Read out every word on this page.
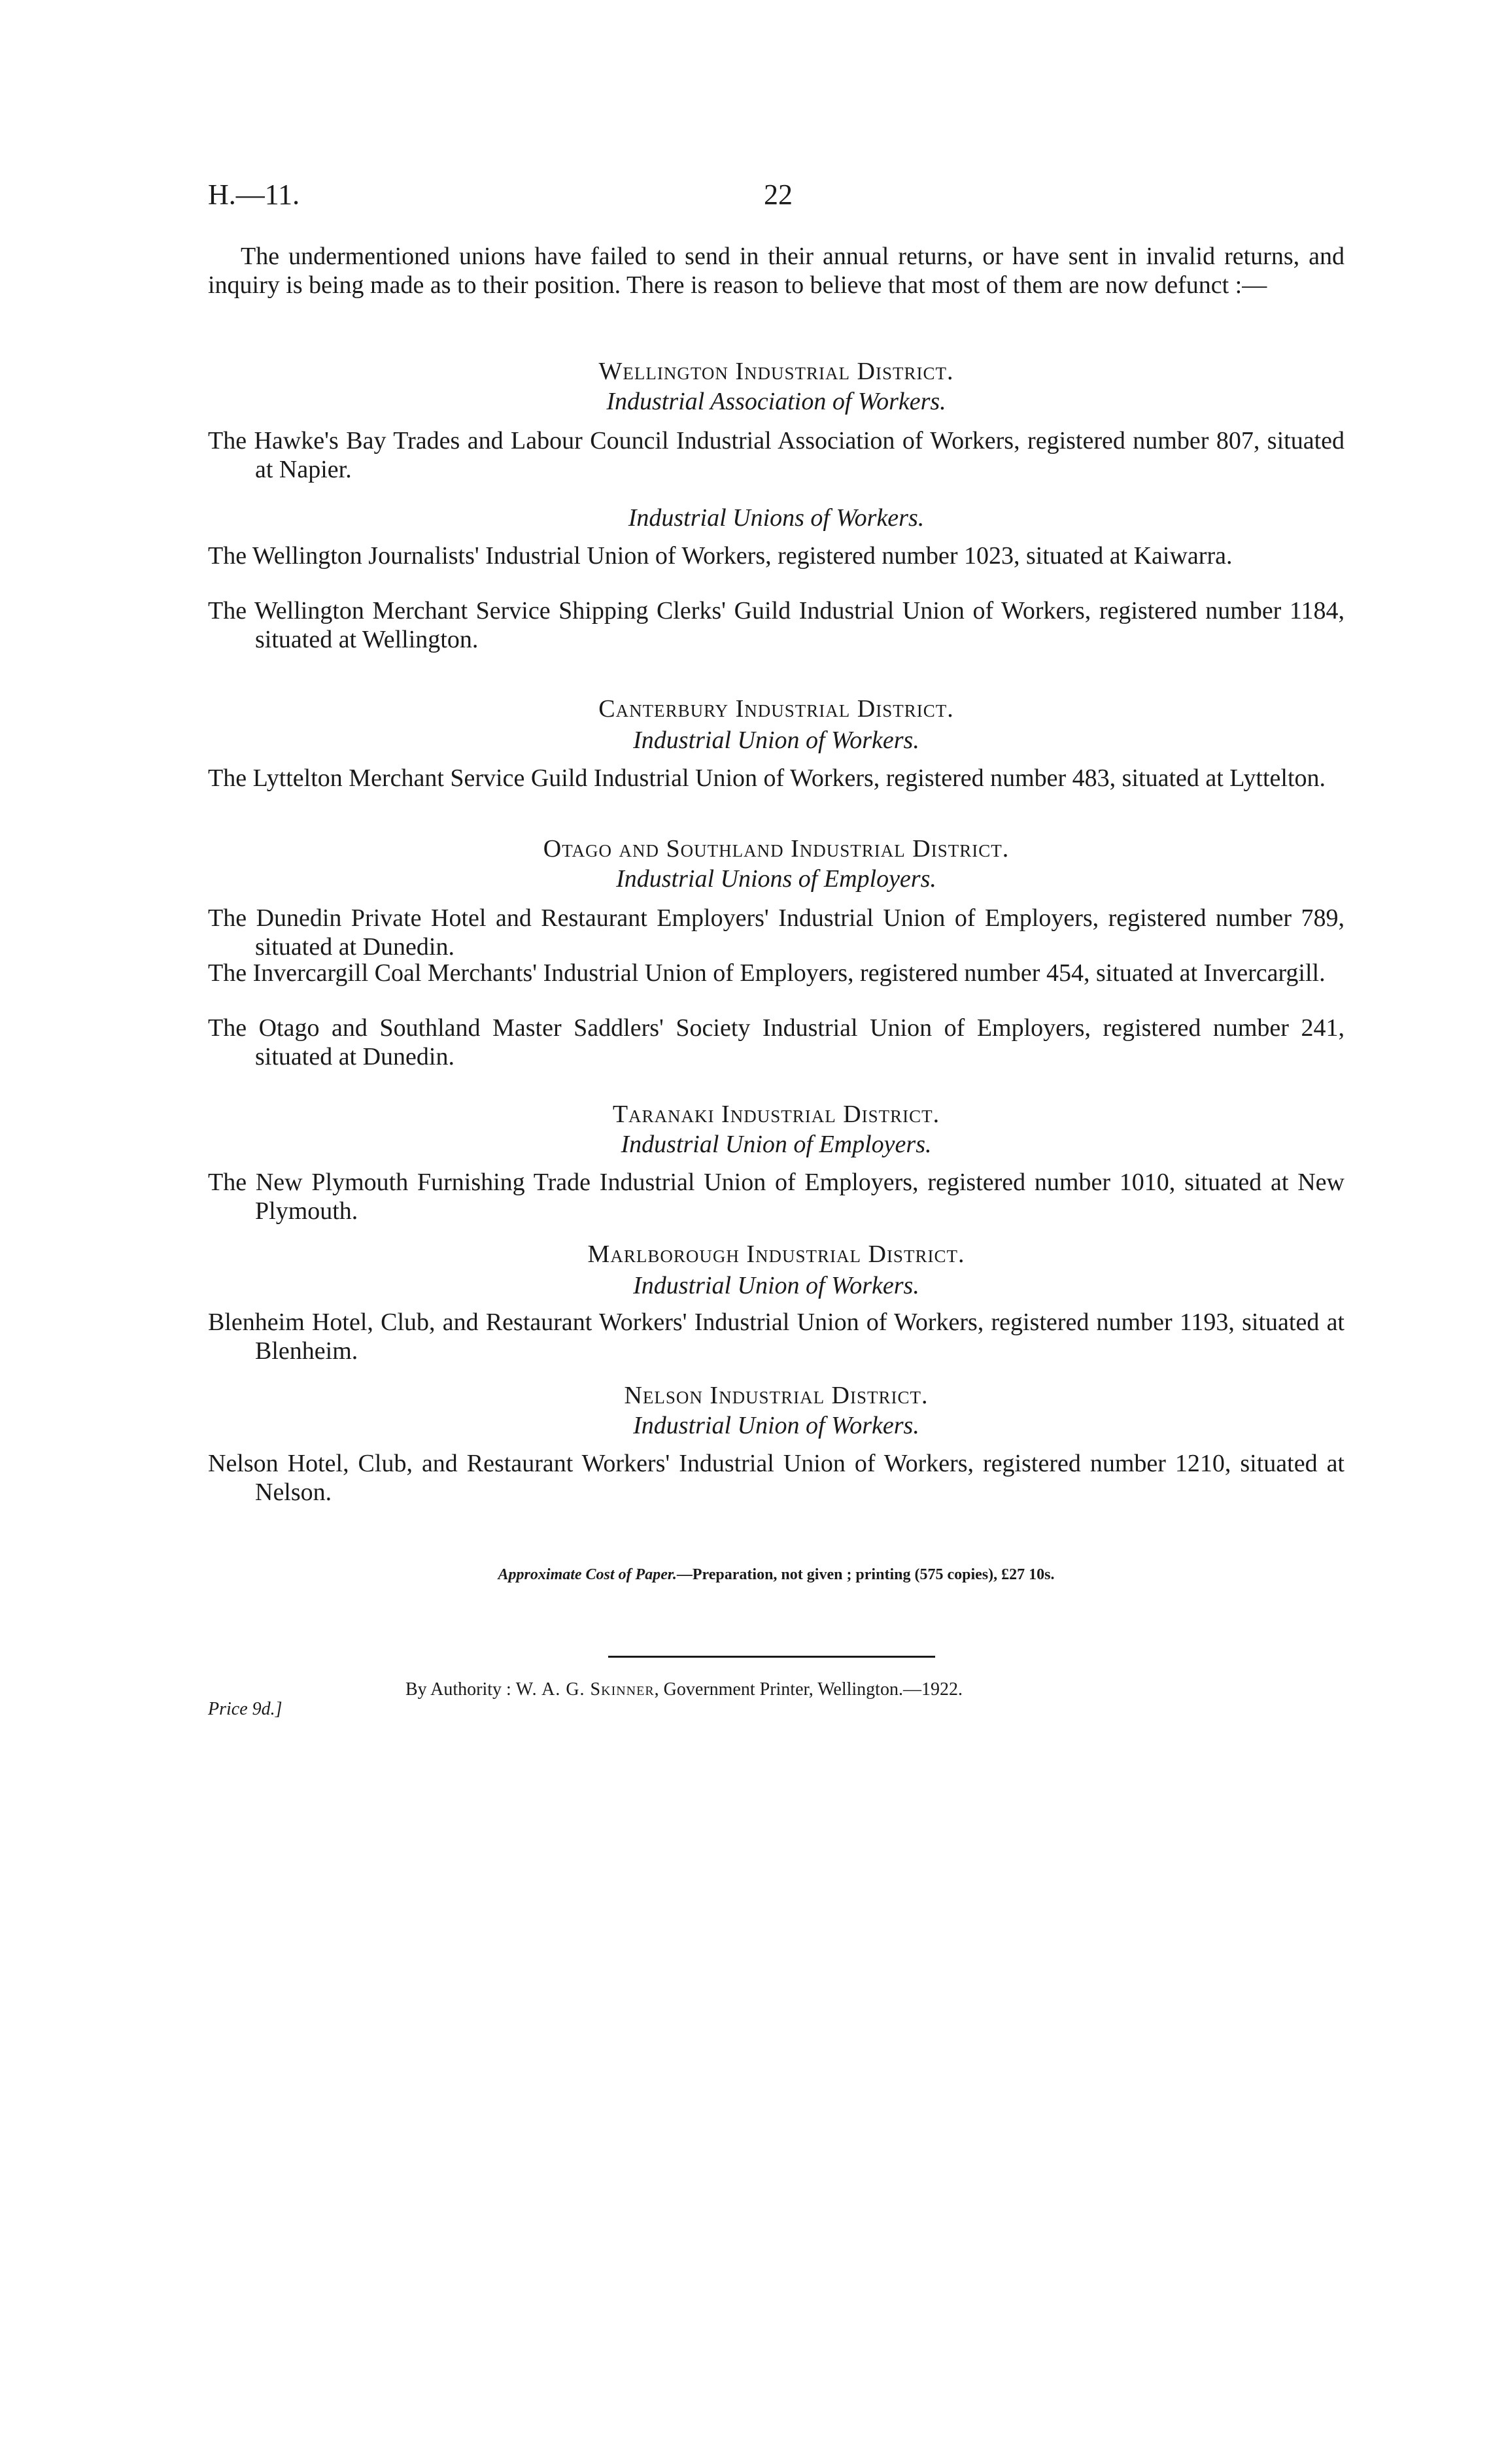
H.—11.	22
The undermentioned unions have failed to send in their annual returns, or have sent in invalid returns, and inquiry is being made as to their position. There is reason to believe that most of them are now defunct :—
Wellington Industrial District.
Industrial Association of Workers.
The Hawke's Bay Trades and Labour Council Industrial Association of Workers, registered number 807, situated at Napier.
Industrial Unions of Workers.
The Wellington Journalists' Industrial Union of Workers, registered number 1023, situated at Kaiwarra.
The Wellington Merchant Service Shipping Clerks' Guild Industrial Union of Workers, registered number 1184, situated at Wellington.
Canterbury Industrial District.
Industrial Union of Workers.
The Lyttelton Merchant Service Guild Industrial Union of Workers, registered number 483, situated at Lyttelton.
Otago and Southland Industrial District.
Industrial Unions of Employers.
The Dunedin Private Hotel and Restaurant Employers' Industrial Union of Employers, registered number 789, situated at Dunedin.
The Invercargill Coal Merchants' Industrial Union of Employers, registered number 454, situated at Invercargill.
The Otago and Southland Master Saddlers' Society Industrial Union of Employers, registered number 241, situated at Dunedin.
Taranaki Industrial District.
Industrial Union of Employers.
The New Plymouth Furnishing Trade Industrial Union of Employers, registered number 1010, situated at New Plymouth.
Marlborough Industrial District.
Industrial Union of Workers.
Blenheim Hotel, Club, and Restaurant Workers' Industrial Union of Workers, registered number 1193, situated at Blenheim.
Nelson Industrial District.
Industrial Union of Workers.
Nelson Hotel, Club, and Restaurant Workers' Industrial Union of Workers, registered number 1210, situated at Nelson.
Approximate Cost of Paper.—Preparation, not given ; printing (575 copies), £27 10s.
Price 9d.]
By Authority : W. A. G. Skinner, Government Printer, Wellington.—1922.
